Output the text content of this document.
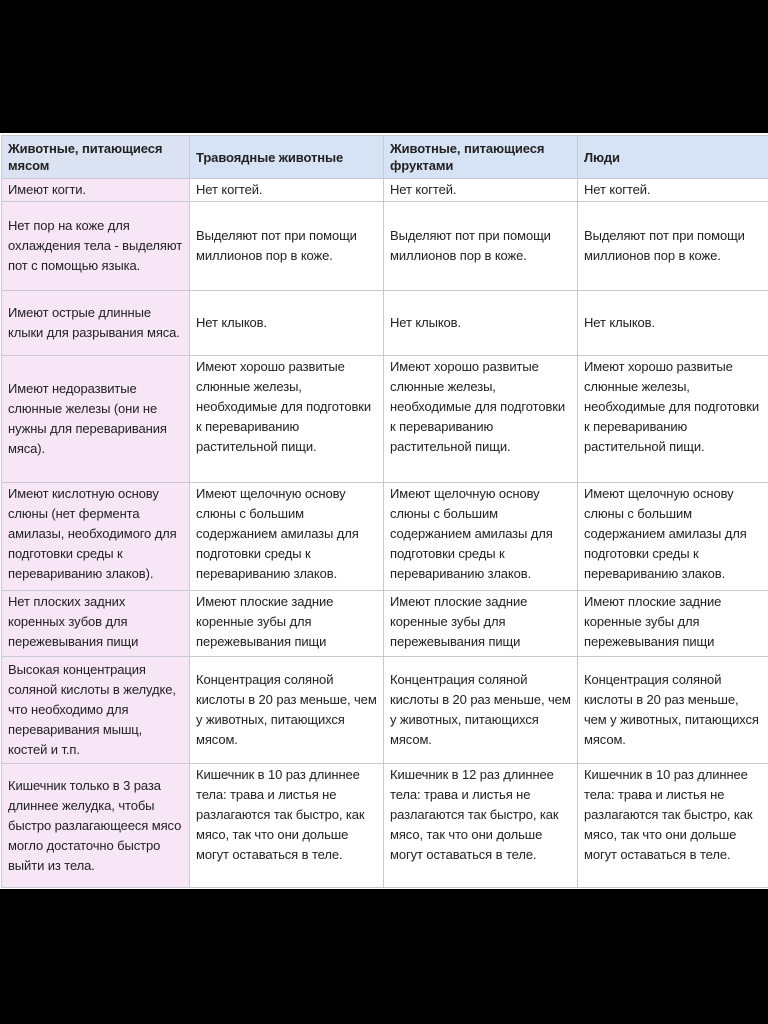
Животные, питающиеся мясом	Травоядные животные	Животные, питающиеся фруктами	Люди
Имеют когти.	Нет когтей.	Нет когтей.	Нет когтей.
Нет пор на коже для охлаждения тела - выделяют пот с помощью языка.	Выделяют пот при помощи миллионов пор в коже.	Выделяют пот при помощи миллионов пор в коже.	Выделяют пот при помощи миллионов пор в коже.
Имеют острые длинные клыки для разрывания мяса.	Нет клыков.	Нет клыков.	Нет клыков.
Имеют недоразвитые слюнные железы (они не нужны для переваривания мяса).	Имеют хорошо развитые слюнные железы, необходимые для подготовки к перевариванию растительной пищи.	Имеют хорошо развитые слюнные железы, необходимые для подготовки к перевариванию растительной пищи.	Имеют хорошо развитые слюнные железы, необходимые для подготовки к перевариванию растительной пищи.
Имеют кислотную основу слюны (нет фермента амилазы, необходимого для подготовки среды к перевариванию злаков).	Имеют щелочную основу слюны с большим содержанием амилазы для подготовки среды к перевариванию злаков.	Имеют щелочную основу слюны с большим содержанием амилазы для подготовки среды к перевариванию злаков.	Имеют щелочную основу слюны с большим содержанием амилазы для подготовки среды к перевариванию злаков.
Нет плоских задних коренных зубов для пережевывания пищи	Имеют плоские задние коренные зубы для пережевывания пищи	Имеют плоские задние коренные зубы для пережевывания пищи	Имеют плоские задние коренные зубы для пережевывания пищи
Высокая концентрация соляной кислоты в желудке, что необходимо для переваривания мышц, костей и т.п.	Концентрация соляной кислоты в 20 раз меньше, чем у животных, питающихся мясом.	Концентрация соляной кислоты в 20 раз меньше, чем у животных, питающихся мясом.	Концентрация соляной кислоты в 20 раз меньше, чем у животных, питающихся мясом.
Кишечник только в 3 раза длиннее желудка, чтобы быстро разлагающееся мясо могло достаточно быстро выйти из тела.	Кишечник в 10 раз длиннее тела: трава и листья не разлагаются так быстро, как мясо, так что они дольше могут оставаться в теле.	Кишечник в 12 раз длиннее тела: трава и листья не разлагаются так быстро, как мясо, так что они дольше могут оставаться в теле.	Кишечник в 10 раз длиннее тела: трава и листья не разлагаются так быстро, как мясо, так что они дольше могут оставаться в теле.
